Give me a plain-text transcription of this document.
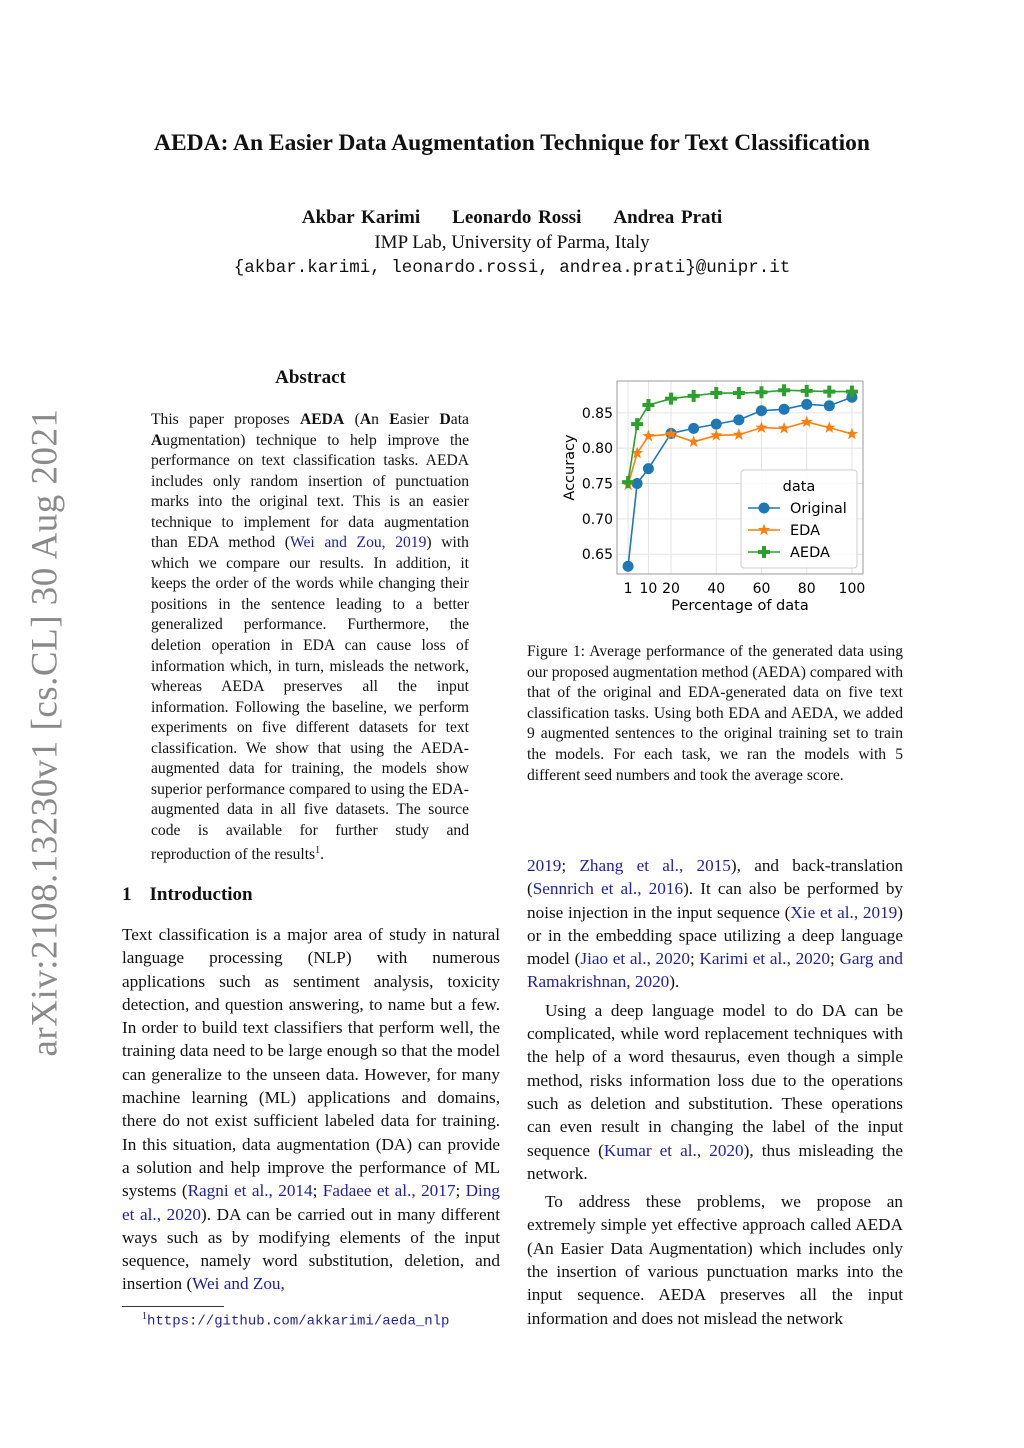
arXiv:2108.13230v1 [cs.CL] 30 Aug 2021
AEDA: An Easier Data Augmentation Technique for Text Classification
Akbar Karimi Leonardo Rossi Andrea Prati
IMP Lab, University of Parma, Italy
{akbar.karimi, leonardo.rossi, andrea.prati}@unipr.it
Abstract
This paper proposes AEDA (An Easier Data Augmentation) technique to help improve the performance on text classification tasks. AEDA includes only random insertion of punctuation marks into the original text. This is an easier technique to implement for data augmentation than EDA method (Wei and Zou, 2019) with which we compare our results. In addition, it keeps the order of the words while changing their positions in the sentence leading to a better generalized performance. Furthermore, the deletion operation in EDA can cause loss of information which, in turn, misleads the network, whereas AEDA preserves all the input information. Following the baseline, we perform experiments on five different datasets for text classification. We show that using the AEDA-augmented data for training, the models show superior performance compared to using the EDA-augmented data in all five datasets. The source code is available for further study and reproduction of the results$^1$.
1 Introduction

Text classification is a major area of study in natural language processing (NLP) with numerous applications such as sentiment analysis, toxicity detection, and question answering, to name but a few. In order to build text classifiers that perform well, the training data need to be large enough so that the model can generalize to the unseen data. However, for many machine learning (ML) applications and domains, there do not exist sufficient labeled data for training. In this situation, data augmentation (DA) can provide a solution and help improve the performance of ML systems (Ragni et al., 2014; Fadaee et al., 2017; Ding et al., 2020). DA can be carried out in many different ways such as by modifying elements of the input sequence, namely word substitution, deletion, and insertion (Wei and Zou,

$^1$https://github.com/akkarimi/aeda_nlp
1 10 20 40 60 80 100
0.65
0.70
0.75
0.80
0.85
Percentage of data
Accuracy	data
Original
EDA
AEDA
Figure 1: Average performance of the generated data using our proposed augmentation method (AEDA) compared with that of the original and EDA-generated data on five text classification tasks. Using both EDA and AEDA, we added 9 augmented sentences to the original training set to train the models. For each task, we ran the models with 5 different seed numbers and took the average score.

2019; Zhang et al., 2015), and back-translation (Sennrich et al., 2016). It can also be performed by noise injection in the input sequence (Xie et al., 2019) or in the embedding space utilizing a deep language model (Jiao et al., 2020; Karimi et al., 2020; Garg and Ramakrishnan, 2020).

Using a deep language model to do DA can be complicated, while word replacement techniques with the help of a word thesaurus, even though a simple method, risks information loss due to the operations such as deletion and substitution. These operations can even result in changing the label of the input sequence (Kumar et al., 2020), thus misleading the network.

To address these problems, we propose an extremely simple yet effective approach called AEDA (An Easier Data Augmentation) which includes only the insertion of various punctuation marks into the input sequence. AEDA preserves all the input information and does not mislead the network
